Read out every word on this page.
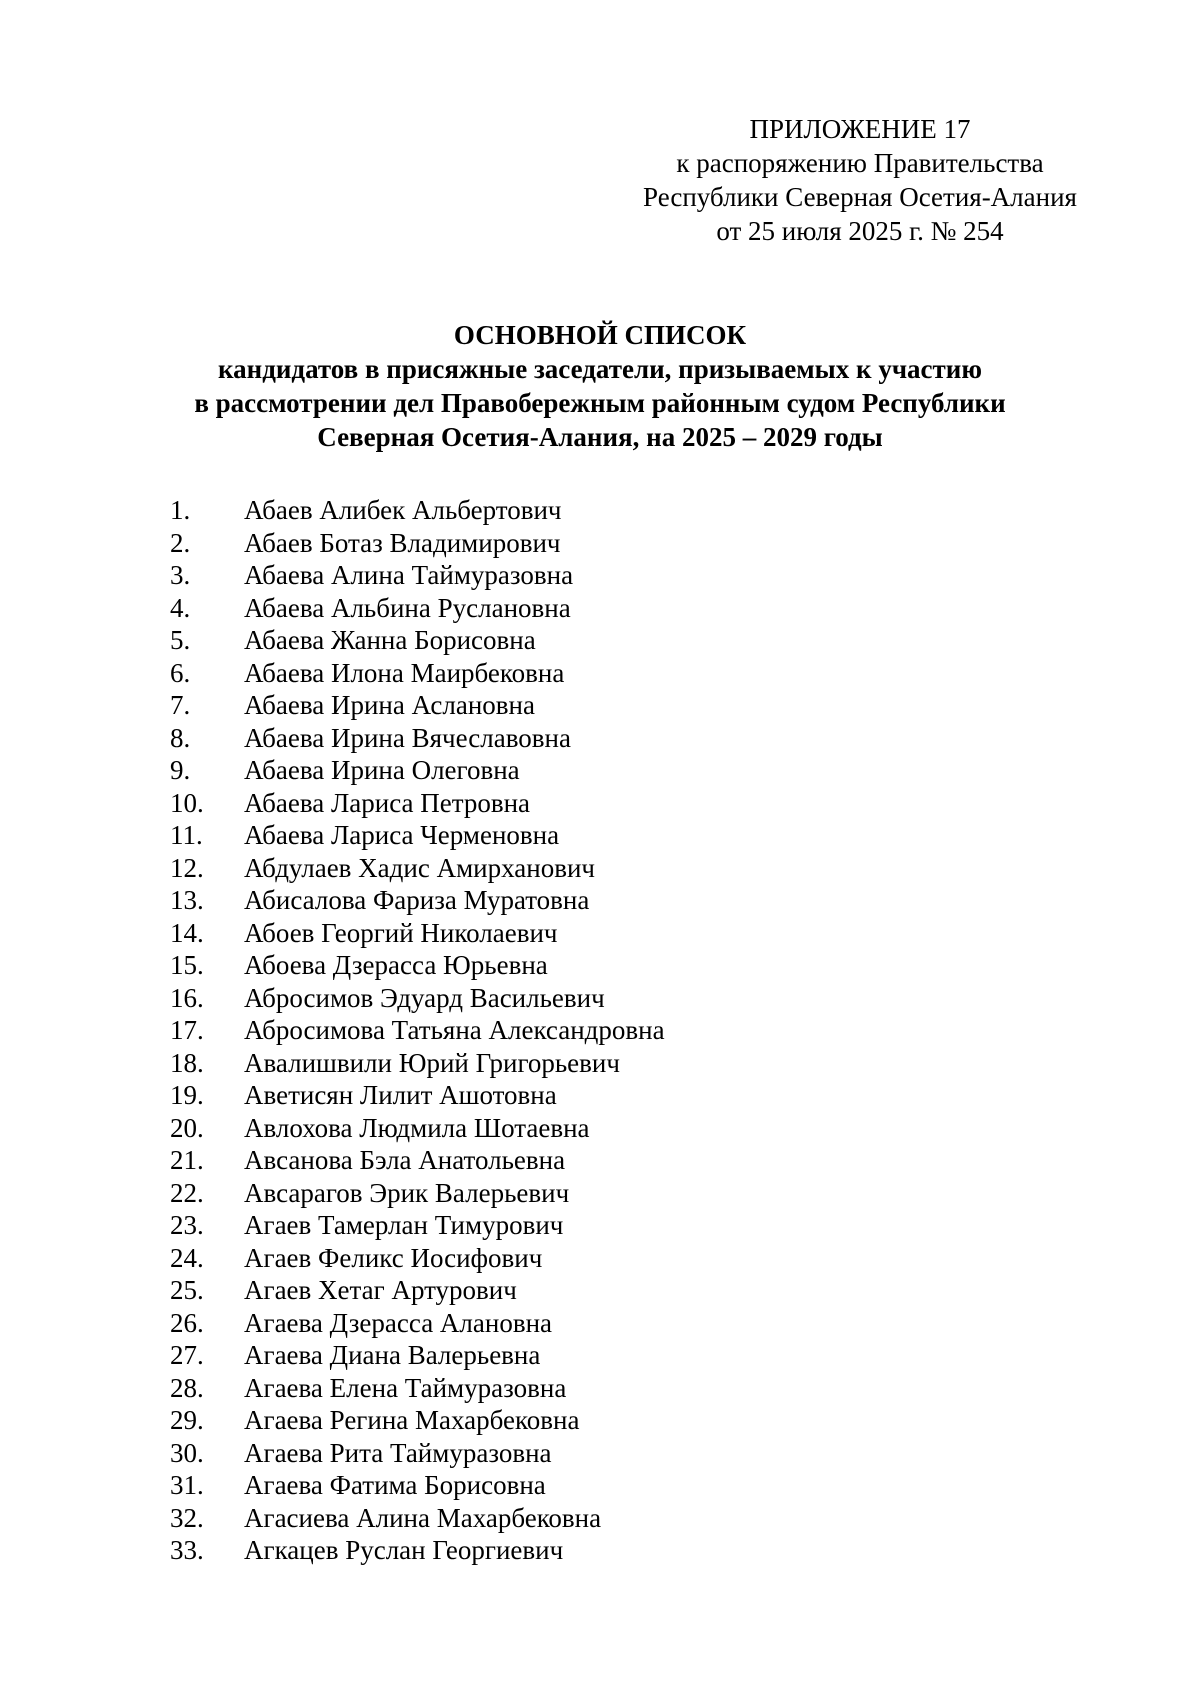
ПРИЛОЖЕНИЕ 17
к распоряжению Правительства
Республики Северная Осетия-Алания
от 25 июля 2025 г. № 254
ОСНОВНОЙ СПИСОК
кандидатов в присяжные заседатели, призываемых к участию
в рассмотрении дел Правобережным районным судом Республики
Северная Осетия-Алания, на 2025 – 2029 годы
1. Абаев Алибек Альбертович
2. Абаев Ботаз Владимирович
3. Абаева Алина Таймуразовна
4. Абаева Альбина Руслановна
5. Абаева Жанна Борисовна
6. Абаева Илона Маирбековна
7. Абаева Ирина Аслановна
8. Абаева Ирина Вячеславовна
9. Абаева Ирина Олеговна
10. Абаева Лариса Петровна
11. Абаева Лариса Черменовна
12. Абдулаев Хадис Амирханович
13. Абисалова Фариза Муратовна
14. Абоев Георгий Николаевич
15. Абоева Дзерасса Юрьевна
16. Абросимов Эдуард Васильевич
17. Абросимова Татьяна Александровна
18. Авалишвили Юрий Григорьевич
19. Аветисян Лилит Ашотовна
20. Авлохова Людмила Шотаевна
21. Авсанова Бэла Анатольевна
22. Авсарагов Эрик Валерьевич
23. Агаев Тамерлан Тимурович
24. Агаев Феликс Иосифович
25. Агаев Хетаг Артурович
26. Агаева Дзерасса Алановна
27. Агаева Диана Валерьевна
28. Агаева Елена Таймуразовна
29. Агаева Регина Махарбековна
30. Агаева Рита Таймуразовна
31. Агаева Фатима Борисовна
32. Агасиева Алина Махарбековна
33. Агкацев Руслан Георгиевич
